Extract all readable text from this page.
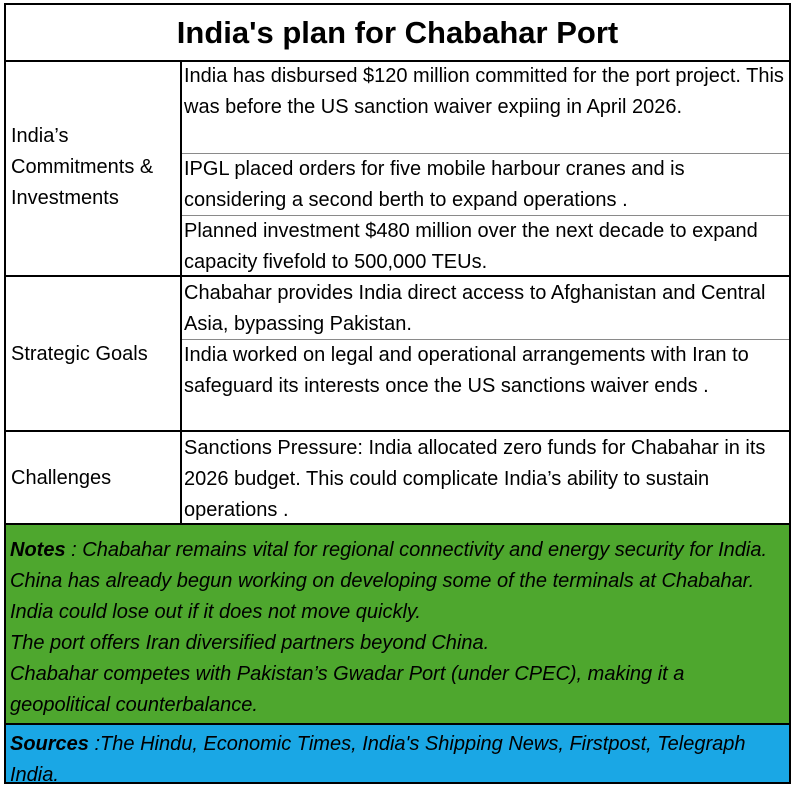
India's plan for Chabahar Port
India’s Commitments & Investments
India has disbursed $120 million committed for the port project. This was before the US sanction waiver expiing in April 2026.
IPGL placed orders for five mobile harbour cranes and is considering a second berth to expand operations .
Planned investment $480 million over the next decade to expand capacity fivefold to 500,000 TEUs.
Strategic Goals
Chabahar provides India direct access to Afghanistan and Central Asia, bypassing Pakistan.
India worked on legal and operational arrangements with Iran to safeguard its interests once the US sanctions waiver ends .
Challenges
Sanctions Pressure: India allocated zero funds for Chabahar in its 2026 budget. This could complicate India’s ability to sustain operations .

Notes : Chabahar remains vital for regional connectivity and energy security for India. China has already begun working on developing some of the terminals at Chabahar. India could lose out if it does not move quickly.

The port offers Iran diversified partners beyond China.

Chabahar competes with Pakistan’s Gwadar Port (under CPEC), making it a geopolitical counterbalance.

Sources :The Hindu, Economic Times, India's Shipping News, Firstpost, Telegraph India.
